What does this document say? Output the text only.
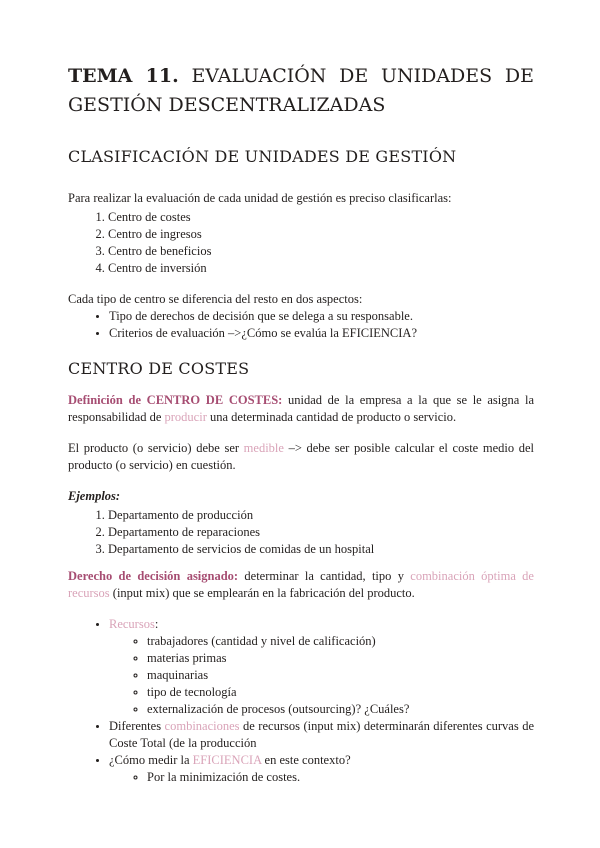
TEMA 11. EVALUACIÓN DE UNIDADES DE
GESTIÓN DESCENTRALIZADAS
CLASIFICACIÓN DE UNIDADES DE GESTIÓN

Para realizar la evaluación de cada unidad de gestión es preciso clasificarlas:

1. Centro de costes
2. Centro de ingresos
3. Centro de beneficios
4. Centro de inversión

Cada tipo de centro se diferencia del resto en dos aspectos:

• Tipo de derechos de decisión que se delega a su responsable.
• Criterios de evaluación –>¿Cómo se evalúa la EFICIENCIA?
CENTRO DE COSTES

Definición de CENTRO DE COSTES: unidad de la empresa a la que se le asigna la responsabilidad de producir una determinada cantidad de producto o servicio.

El producto (o servicio) debe ser medible –> debe ser posible calcular el coste medio del producto (o servicio) en cuestión.

Ejemplos:

1. Departamento de producción
2. Departamento de reparaciones
3. Departamento de servicios de comidas de un hospital

Derecho de decisión asignado: determinar la cantidad, tipo y combinación óptima de recursos (input mix) que se emplearán en la fabricación del producto.

• Recursos:
◦ trabajadores (cantidad y nivel de calificación)
◦ materias primas
◦ maquinarias
◦ tipo de tecnología
◦ externalización de procesos (outsourcing)? ¿Cuáles?
• Diferentes combinaciones de recursos (input mix) determinarán diferentes curvas de Coste Total (de la producción
• ¿Cómo medir la EFICIENCIA en este contexto?
◦ Por la minimización de costes.
